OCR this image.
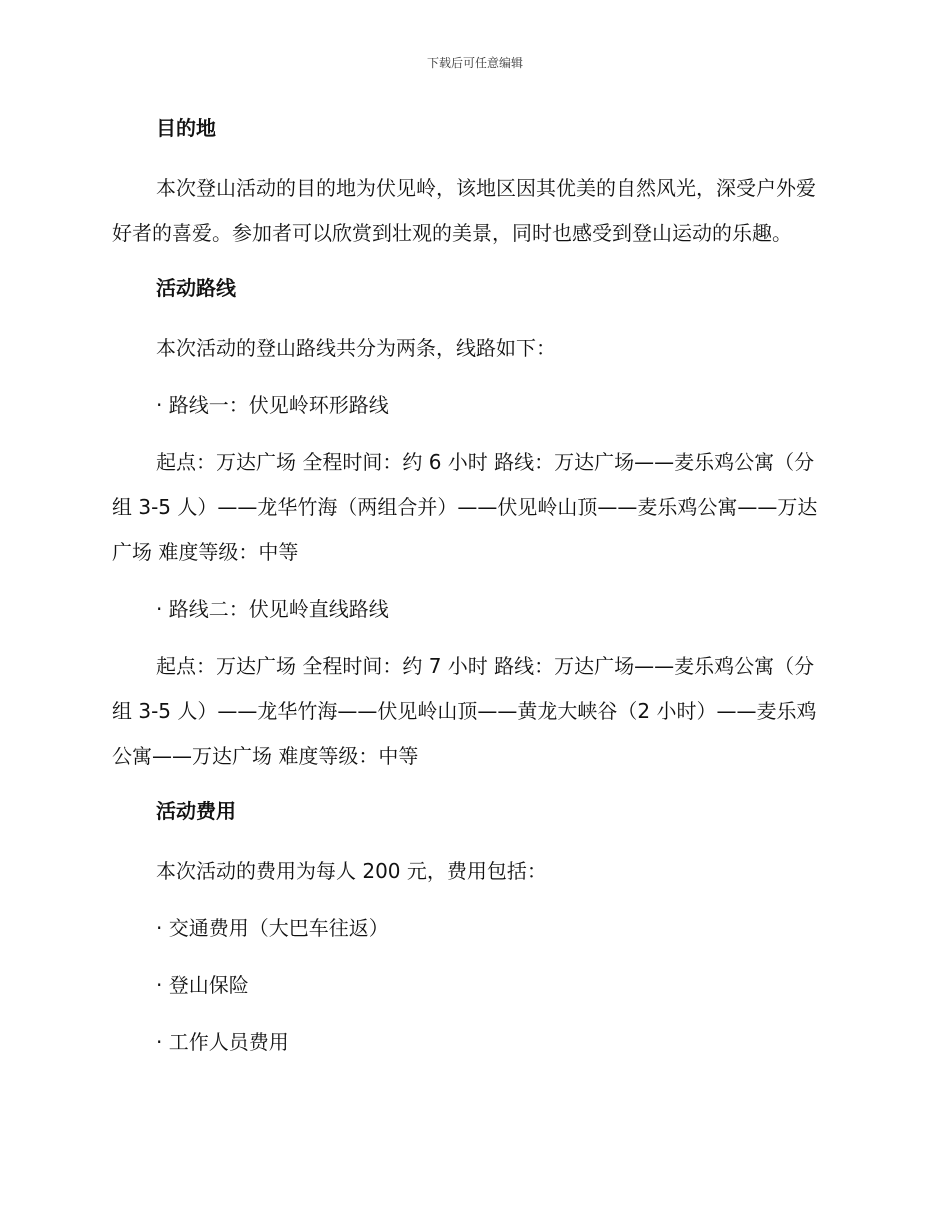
下载后可任意编辑
目的地
本次登山活动的目的地为伏见岭，该地区因其优美的自然风光，深受户外爱好者的喜爱。参加者可以欣赏到壮观的美景，同时也感受到登山运动的乐趣。
活动路线
本次活动的登山路线共分为两条，线路如下：
· 路线一：伏见岭环形路线
起点：万达广场 全程时间：约 6 小时 路线：万达广场——麦乐鸡公寓（分组 3-5 人）——龙华竹海（两组合并）——伏见岭山顶——麦乐鸡公寓——万达广场 难度等级：中等
· 路线二：伏见岭直线路线
起点：万达广场 全程时间：约 7 小时 路线：万达广场——麦乐鸡公寓（分组 3-5 人）——龙华竹海——伏见岭山顶——黄龙大峡谷（2 小时）——麦乐鸡公寓——万达广场 难度等级：中等
活动费用
本次活动的费用为每人 200 元，费用包括：
· 交通费用（大巴车往返）
· 登山保险
· 工作人员费用
